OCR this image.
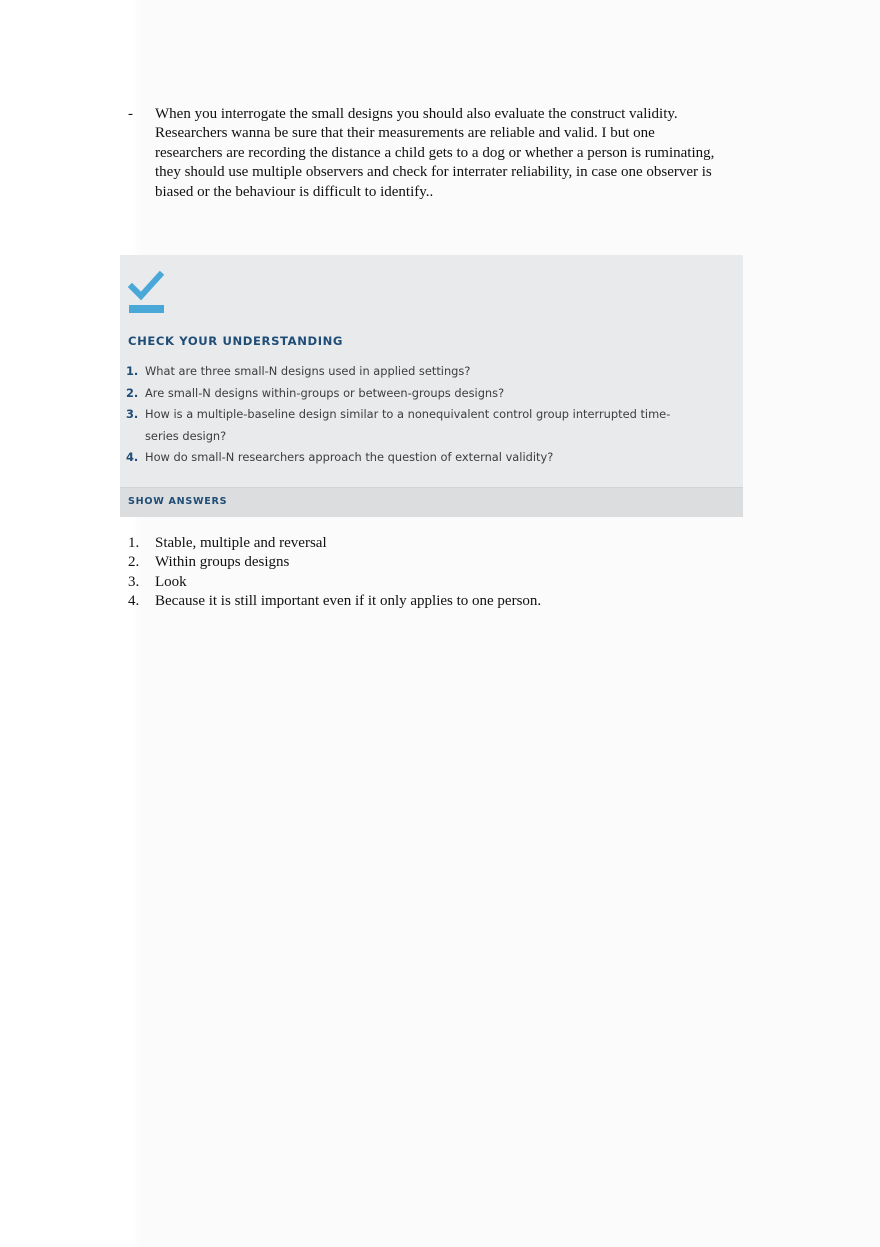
- When you interrogate the small designs you should also evaluate the construct validity.
Researchers wanna be sure that their measurements are reliable and valid. I but one
researchers are recording the distance a child gets to a dog or whether a person is ruminating,
they should use multiple observers and check for interrater reliability, in case one observer is
biased or the behaviour is difficult to identify..
CHECK YOUR UNDERSTANDING
1. What are three small-N designs used in applied settings?
2. Are small-N designs within-groups or between-groups designs?
3. How is a multiple-baseline design similar to a nonequivalent control group interrupted time-
series design?
4. How do small-N researchers approach the question of external validity?
SHOW ANSWERS
1. Stable, multiple and reversal
2. Within groups designs
3. Look
4. Because it is still important even if it only applies to one person.
